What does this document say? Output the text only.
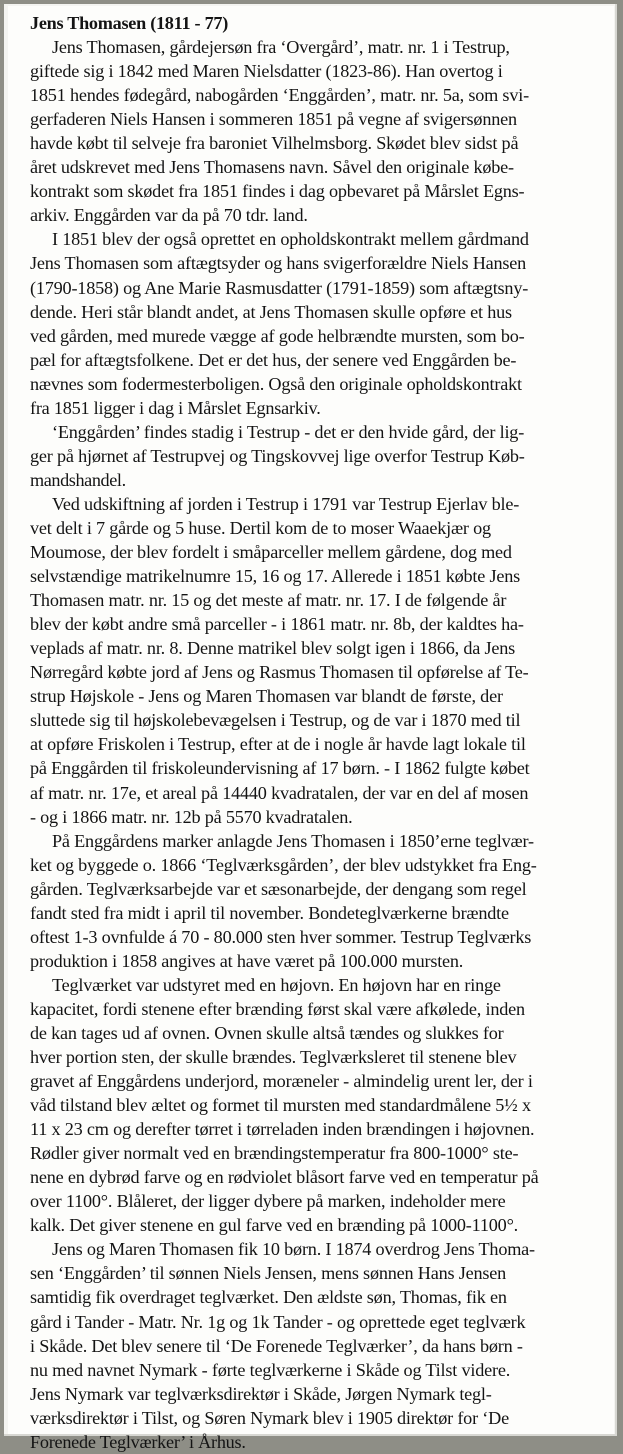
Jens Thomasen (1811 - 77)
Jens Thomasen, gårdejersøn fra ‘Overgård’, matr. nr. 1 i Testrup,
giftede sig i 1842 med Maren Nielsdatter (1823-86). Han overtog i
1851 hendes fødegård, nabogården ‘Enggården’, matr. nr. 5a, som svi-
gerfaderen Niels Hansen i sommeren 1851 på vegne af svigersønnen
havde købt til selveje fra baroniet Vilhelmsborg. Skødet blev sidst på
året udskrevet med Jens Thomasens navn. Såvel den originale købe-
kontrakt som skødet fra 1851 findes i dag opbevaret på Mårslet Egns-
arkiv. Enggården var da på 70 tdr. land.
I 1851 blev der også oprettet en opholdskontrakt mellem gårdmand
Jens Thomasen som aftægtsyder og hans svigerforældre Niels Hansen
(1790-1858) og Ane Marie Rasmusdatter (1791-1859) som aftægtsny-
dende. Heri står blandt andet, at Jens Thomasen skulle opføre et hus
ved gården, med murede vægge af gode helbrændte mursten, som bo-
pæl for aftægtsfolkene. Det er det hus, der senere ved Enggården be-
nævnes som fodermesterboligen. Også den originale opholdskontrakt
fra 1851 ligger i dag i Mårslet Egnsarkiv.
‘Enggården’ findes stadig i Testrup - det er den hvide gård, der lig-
ger på hjørnet af Testrupvej og Tingskovvej lige overfor Testrup Køb-
mandshandel.
Ved udskiftning af jorden i Testrup i 1791 var Testrup Ejerlav ble-
vet delt i 7 gårde og 5 huse. Dertil kom de to moser Waaekjær og
Moumose, der blev fordelt i småparceller mellem gårdene, dog med
selvstændige matrikelnumre 15, 16 og 17. Allerede i 1851 købte Jens
Thomasen matr. nr. 15 og det meste af matr. nr. 17. I de følgende år
blev der købt andre små parceller - i 1861 matr. nr. 8b, der kaldtes ha-
veplads af matr. nr. 8. Denne matrikel blev solgt igen i 1866, da Jens
Nørregård købte jord af Jens og Rasmus Thomasen til opførelse af Te-
strup Højskole - Jens og Maren Thomasen var blandt de første, der
sluttede sig til højskolebevægelsen i Testrup, og de var i 1870 med til
at opføre Friskolen i Testrup, efter at de i nogle år havde lagt lokale til
på Enggården til friskoleundervisning af 17 børn. - I 1862 fulgte købet
af matr. nr. 17e, et areal på 14440 kvadratalen, der var en del af mosen
- og i 1866 matr. nr. 12b på 5570 kvadratalen.
På Enggårdens marker anlagde Jens Thomasen i 1850’erne teglvær-
ket og byggede o. 1866 ‘Teglværksgården’, der blev udstykket fra Eng-
gården. Teglværksarbejde var et sæsonarbejde, der dengang som regel
fandt sted fra midt i april til november. Bondeteglværkerne brændte
oftest 1-3 ovnfulde á 70 - 80.000 sten hver sommer. Testrup Teglværks
produktion i 1858 angives at have været på 100.000 mursten.
Teglværket var udstyret med en højovn. En højovn har en ringe
kapacitet, fordi stenene efter brænding først skal være afkølede, inden
de kan tages ud af ovnen. Ovnen skulle altså tændes og slukkes for
hver portion sten, der skulle brændes. Teglværksleret til stenene blev
gravet af Enggårdens underjord, moræneler - almindelig urent ler, der i
våd tilstand blev æltet og formet til mursten med standardmålene 5½ x
11 x 23 cm og derefter tørret i tørreladen inden brændingen i højovnen.
Rødler giver normalt ved en brændingstemperatur fra 800-1000° ste-
nene en dybrød farve og en rødviolet blåsort farve ved en temperatur på
over 1100°. Blåleret, der ligger dybere på marken, indeholder mere
kalk. Det giver stenene en gul farve ved en brænding på 1000-1100°.
Jens og Maren Thomasen fik 10 børn. I 1874 overdrog Jens Thoma-
sen ‘Enggården’ til sønnen Niels Jensen, mens sønnen Hans Jensen
samtidig fik overdraget teglværket. Den ældste søn, Thomas, fik en
gård i Tander - Matr. Nr. 1g og 1k Tander - og oprettede eget teglværk
i Skåde. Det blev senere til ‘De Forenede Teglværker’, da hans børn -
nu med navnet Nymark - førte teglværkerne i Skåde og Tilst videre.
Jens Nymark var teglværksdirektør i Skåde, Jørgen Nymark tegl-
værksdirektør i Tilst, og Søren Nymark blev i 1905 direktør for ‘De
Forenede Teglværker’ i Århus.
